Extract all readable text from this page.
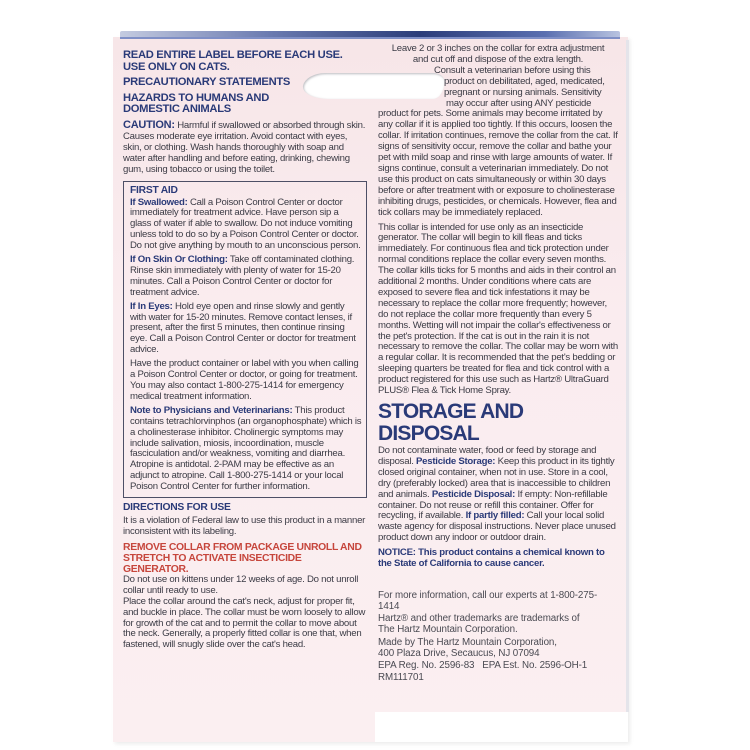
READ ENTIRE LABEL BEFORE EACH USE.
USE ONLY ON CATS.
PRECAUTIONARY STATEMENTS
HAZARDS TO HUMANS AND DOMESTIC ANIMALS

CAUTION: Harmful if swallowed or absorbed through skin. Causes moderate eye irritation. Avoid contact with eyes, skin, or clothing. Wash hands thoroughly with soap and water after handling and before eating, drinking, chewing gum, using tobacco or using the toilet.

FIRST AID

If Swallowed: Call a Poison Control Center or doctor immediately for treatment advice. Have person sip a glass of water if able to swallow. Do not induce vomiting unless told to do so by a Poison Control Center or doctor. Do not give anything by mouth to an unconscious person.

If On Skin Or Clothing: Take off contaminated clothing. Rinse skin immediately with plenty of water for 15-20 minutes. Call a Poison Control Center or doctor for treatment advice.

If In Eyes: Hold eye open and rinse slowly and gently with water for 15-20 minutes. Remove contact lenses, if present, after the first 5 minutes, then continue rinsing eye. Call a Poison Control Center or doctor for treatment advice.

Have the product container or label with you when calling a Poison Control Center or doctor, or going for treatment. You may also contact 1-800-275-1414 for emergency medical treatment information.

Note to Physicians and Veterinarians: This product contains tetrachlorvinphos (an organophosphate) which is a cholinesterase inhibitor. Cholinergic symptoms may include salivation, miosis, incoordination, muscle fasciculation and/or weakness, vomiting and diarrhea. Atropine is antidotal. 2-PAM may be effective as an adjunct to atropine. Call 1-800-275-1414 or your local Poison Control Center for further information.

DIRECTIONS FOR USE

It is a violation of Federal law to use this product in a manner inconsistent with its labeling.

REMOVE COLLAR FROM PACKAGE UNROLL AND STRETCH TO ACTIVATE INSECTICIDE GENERATOR.

Do not use on kittens under 12 weeks of age. Do not unroll collar until ready to use.

Place the collar around the cat's neck, adjust for proper fit, and buckle in place. The collar must be worn loosely to allow for growth of the cat and to permit the collar to move about the neck. Generally, a properly fitted collar is one that, when fastened, will snugly slide over the cat's head.

Leave 2 or 3 inches on the collar for extra adjustment

and cut off and dispose of the extra length.

Consult a veterinarian before using this
product on debilitated, aged, medicated,
pregnant or nursing animals. Sensitivity
may occur after using ANY pesticide

product for pets. Some animals may become irritated by any collar if it is applied too tightly. If this occurs, loosen the collar. If irritation continues, remove the collar from the cat. If signs of sensitivity occur, remove the collar and bathe your pet with mild soap and rinse with large amounts of water. If signs continue, consult a veterinarian immediately. Do not use this product on cats simultaneously or within 30 days before or after treatment with or exposure to cholinesterase inhibiting drugs, pesticides, or chemicals. However, flea and tick collars may be immediately replaced.

This collar is intended for use only as an insecticide generator. The collar will begin to kill fleas and ticks immediately. For continuous flea and tick protection under normal conditions replace the collar every seven months. The collar kills ticks for 5 months and aids in their control an additional 2 months. Under conditions where cats are exposed to severe flea and tick infestations it may be necessary to replace the collar more frequently; however, do not replace the collar more frequently than every 5 months. Wetting will not impair the collar's effectiveness or the pet's protection. If the cat is out in the rain it is not necessary to remove the collar. The collar may be worn with a regular collar. It is recommended that the pet's bedding or sleeping quarters be treated for flea and tick control with a product registered for this use such as Hartz® UltraGuard PLUS® Flea & Tick Home Spray.

STORAGE AND DISPOSAL

Do not contaminate water, food or feed by storage and disposal. Pesticide Storage: Keep this product in its tightly closed original container, when not in use. Store in a cool, dry (preferably locked) area that is inaccessible to children and animals. Pesticide Disposal: If empty: Non-refillable container. Do not reuse or refill this container. Offer for recycling, if available. If partly filled: Call your local solid waste agency for disposal instructions. Never place unused product down any indoor or outdoor drain.

NOTICE: This product contains a chemical known to the State of California to cause cancer.

For more information, call our experts at 1-800-275-1414

Hartz® and other trademarks are trademarks of

The Hartz Mountain Corporation.

Made by The Hartz Mountain Corporation,

400 Plaza Drive, Secaucus, NJ 07094

EPA Reg. No. 2596-83   EPA Est. No. 2596-OH-1

RM111701
